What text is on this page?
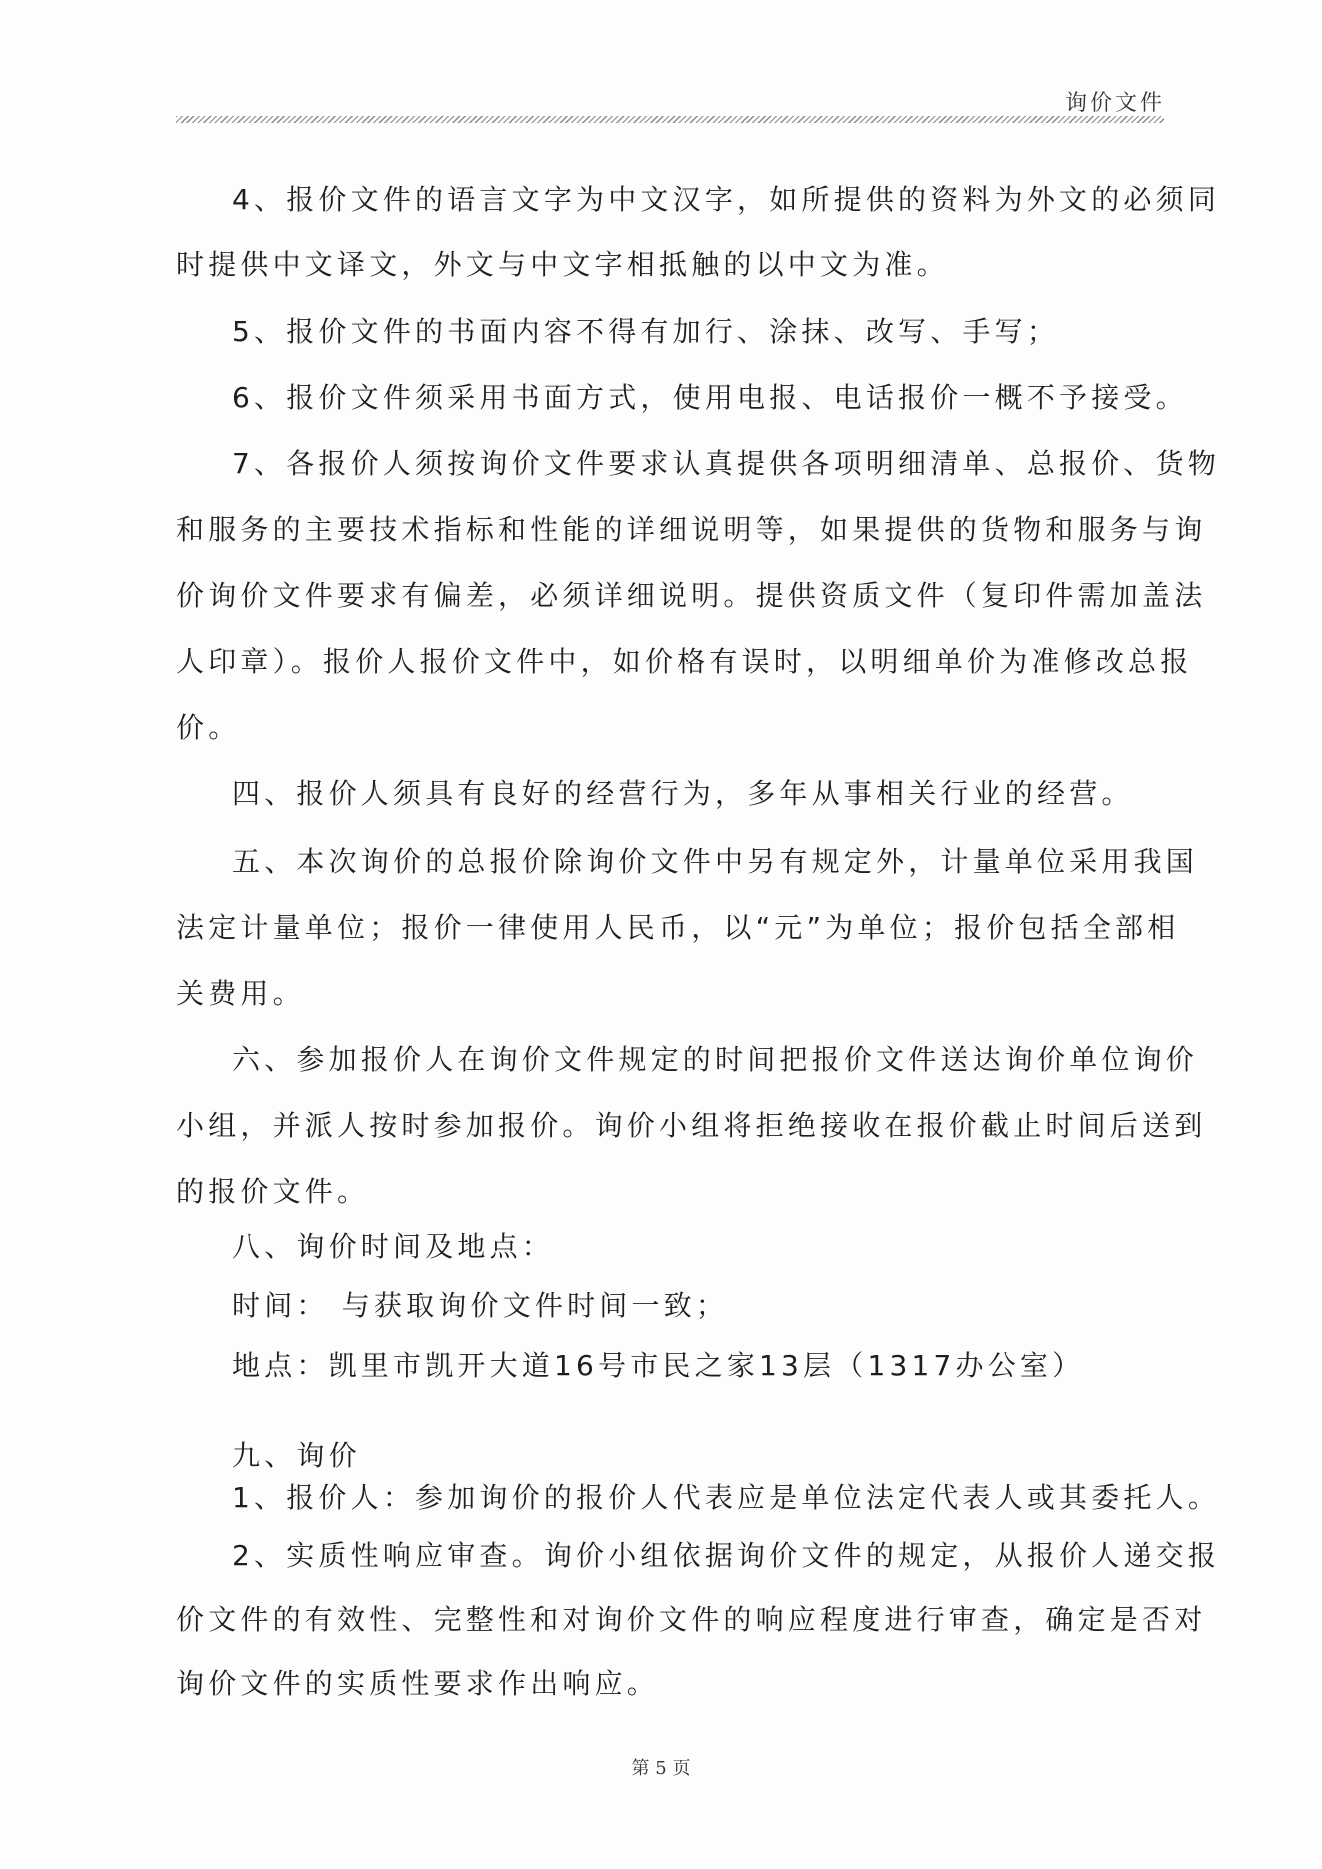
询价文件
4、报价文件的语言文字为中文汉字，如所提供的资料为外文的必须同
时提供中文译文，外文与中文字相抵触的以中文为准。
5、报价文件的书面内容不得有加行、涂抹、改写、手写；
6、报价文件须采用书面方式，使用电报、电话报价一概不予接受。
7、各报价人须按询价文件要求认真提供各项明细清单、总报价、货物
和服务的主要技术指标和性能的详细说明等，如果提供的货物和服务与询
价询价文件要求有偏差，必须详细说明。提供资质文件（复印件需加盖法
人印章）。报价人报价文件中，如价格有误时，以明细单价为准修改总报
价。
四、报价人须具有良好的经营行为，多年从事相关行业的经营。
五、本次询价的总报价除询价文件中另有规定外，计量单位采用我国
法定计量单位；报价一律使用人民币，以“元”为单位；报价包括全部相
关费用。
六、参加报价人在询价文件规定的时间把报价文件送达询价单位询价
小组，并派人按时参加报价。询价小组将拒绝接收在报价截止时间后送到
的报价文件。
八、询价时间及地点：
时间： 与获取询价文件时间一致；
地点：凯里市凯开大道16号市民之家13层（1317办公室）
九、询价
1、报价人：参加询价的报价人代表应是单位法定代表人或其委托人。
2、实质性响应审查。询价小组依据询价文件的规定，从报价人递交报
价文件的有效性、完整性和对询价文件的响应程度进行审查，确定是否对
询价文件的实质性要求作出响应。
第 5 页
